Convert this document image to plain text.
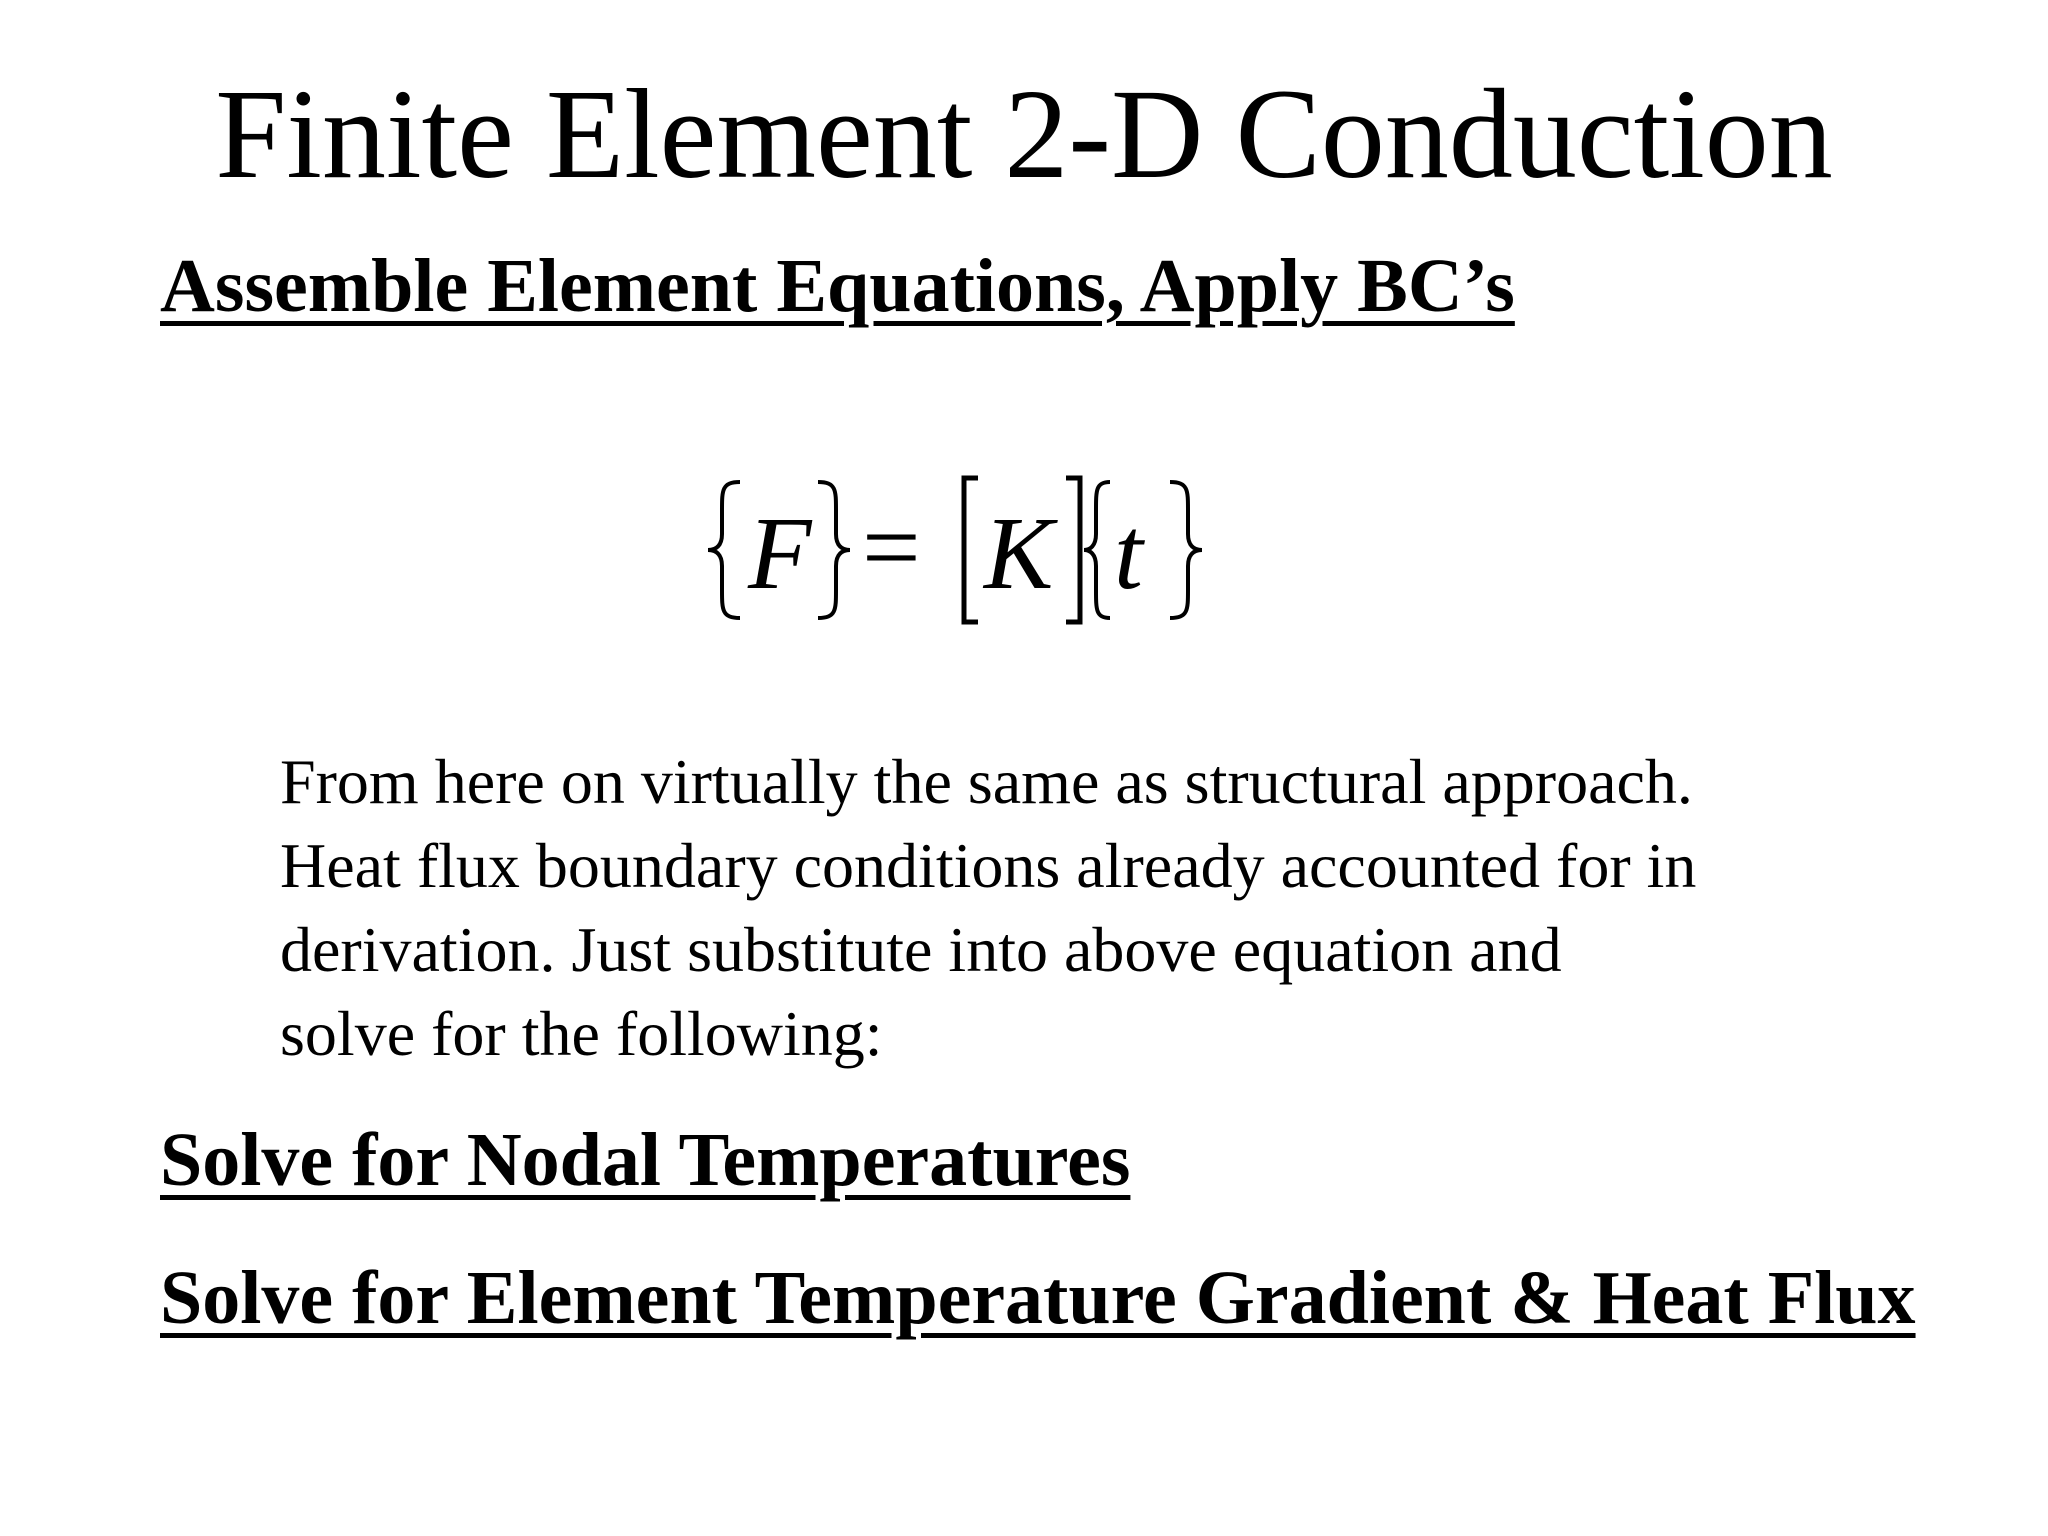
Finite Element 2-D Conduction
Assemble Element Equations, Apply BC’s
F = K t
From here on virtually the same as structural approach.
Heat flux boundary conditions already accounted for in
derivation. Just substitute into above equation and
solve for the following:
Solve for Nodal Temperatures
Solve for Element Temperature Gradient & Heat Flux
